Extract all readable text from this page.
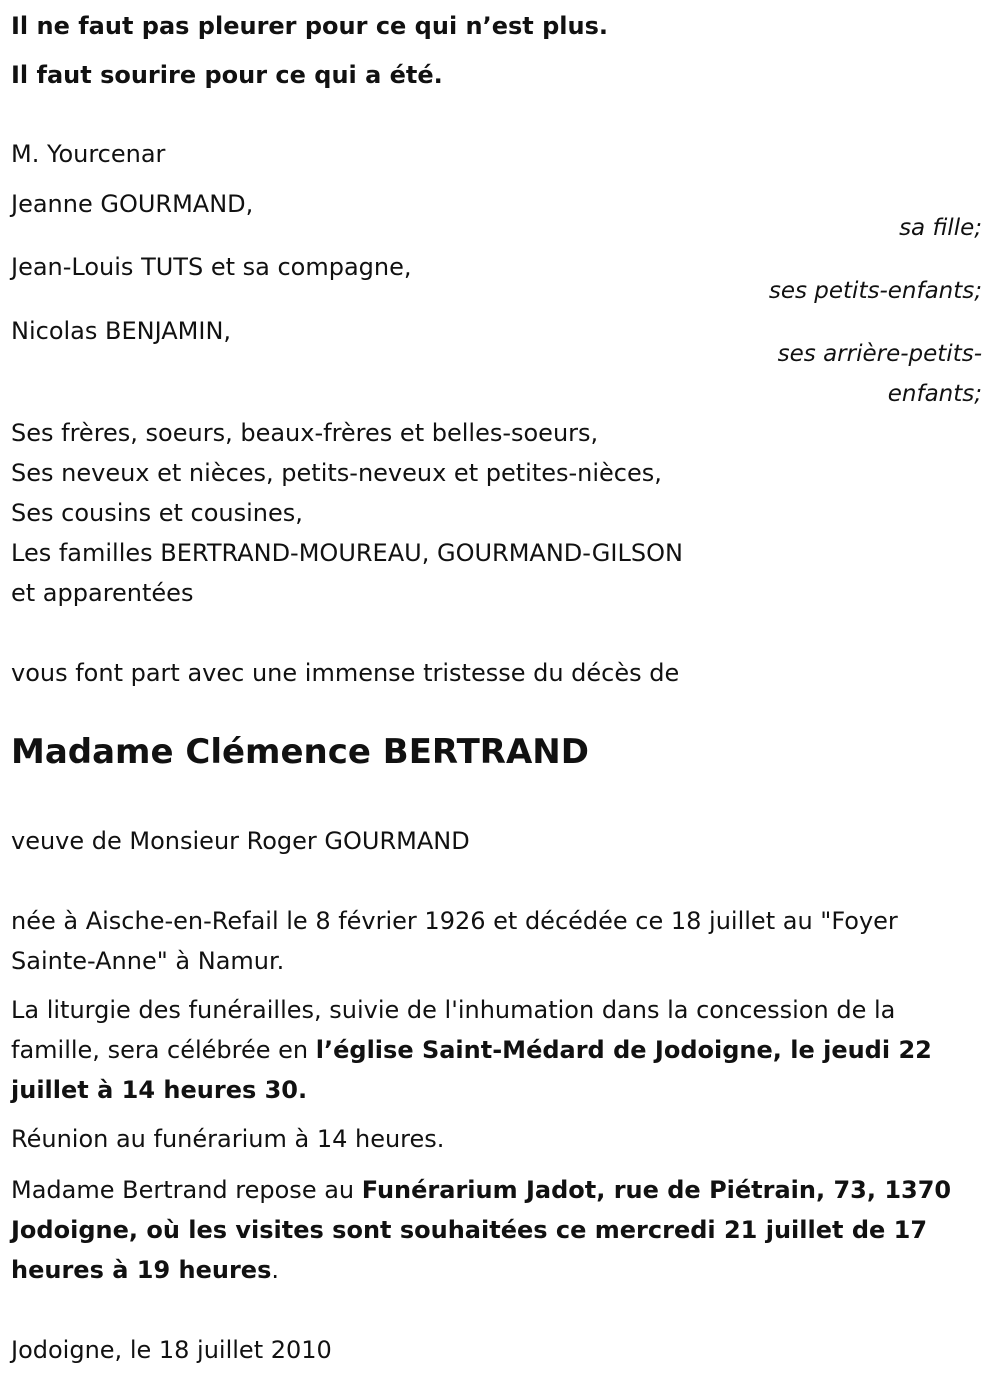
Il ne faut pas pleurer pour ce qui n’est plus.
Il faut sourire pour ce qui a été.
M. Yourcenar
Jeanne GOURMAND,
sa fille;
Jean-Louis TUTS et sa compagne,
ses petits-enfants;
Nicolas BENJAMIN,
ses arrière-petits-
enfants;
Ses frères, soeurs, beaux-frères et belles-soeurs,
Ses neveux et nièces, petits-neveux et petites-nièces,
Ses cousins et cousines,
Les familles BERTRAND-MOUREAU, GOURMAND-GILSON
et apparentées
vous font part avec une immense tristesse du décès de
Madame Clémence BERTRAND
veuve de Monsieur Roger GOURMAND
née à Aische-en-Refail le 8 février 1926 et décédée ce 18 juillet au "Foyer
Sainte-Anne" à Namur.
La liturgie des funérailles, suivie de l'inhumation dans la concession de la
famille, sera célébrée en l’église Saint-Médard de Jodoigne, le jeudi 22
juillet à 14 heures 30.
Réunion au funérarium à 14 heures.
Madame Bertrand repose au Funérarium Jadot, rue de Piétrain, 73, 1370
Jodoigne, où les visites sont souhaitées ce mercredi 21 juillet de 17
heures à 19 heures.
Jodoigne, le 18 juillet 2010
